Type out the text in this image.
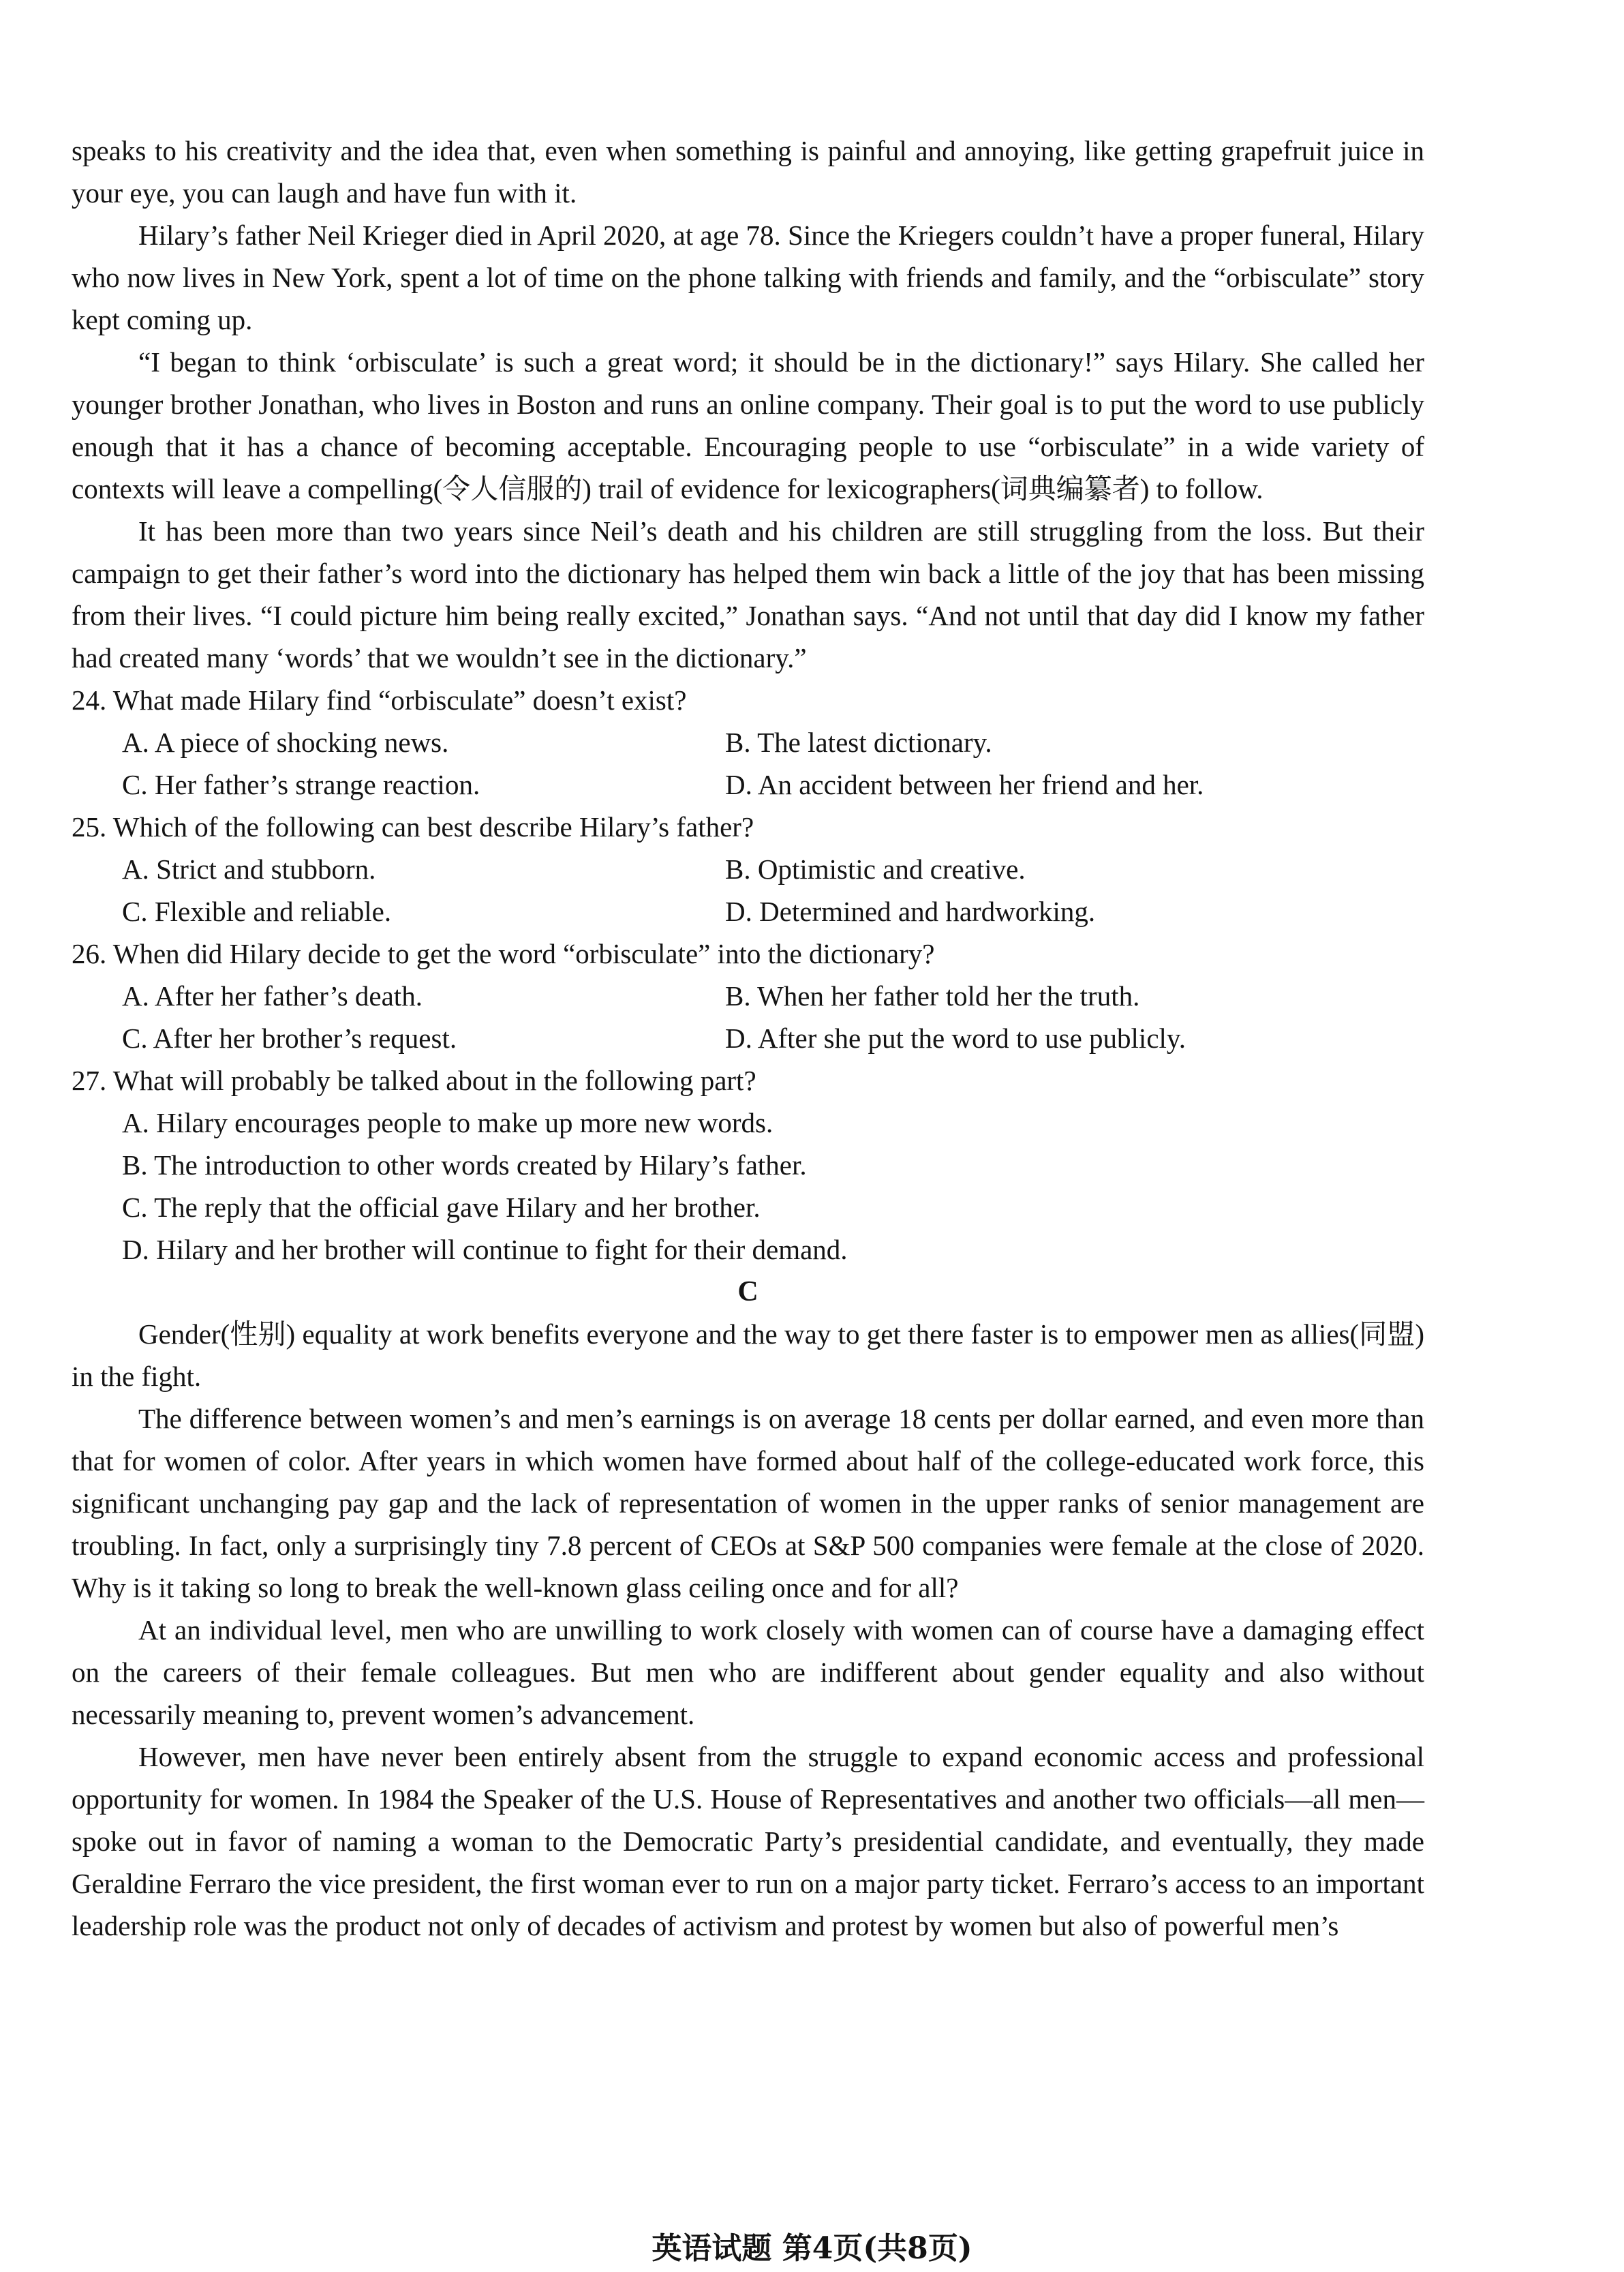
speaks to his creativity and the idea that, even when something is painful and annoying, like getting grapefruit juice in your eye, you can laugh and have fun with it.

Hilary’s father Neil Krieger died in April 2020, at age 78. Since the Kriegers couldn’t have a proper funeral, Hilary who now lives in New York, spent a lot of time on the phone talking with friends and family, and the “orbisculate” story kept coming up.

“I began to think ‘orbisculate’ is such a great word; it should be in the dictionary!” says Hilary. She called her younger brother Jonathan, who lives in Boston and runs an online company. Their goal is to put the word to use publicly enough that it has a chance of becoming acceptable. Encouraging people to use “orbisculate” in a wide variety of contexts will leave a compelling(令人信服的) trail of evidence for lexicographers(词典编纂者) to follow.

It has been more than two years since Neil’s death and his children are still struggling from the loss. But their campaign to get their father’s word into the dictionary has helped them win back a little of the joy that has been missing from their lives. “I could picture him being really excited,” Jonathan says. “And not until that day did I know my father had created many ‘words’ that we wouldn’t see in the dictionary.”

24. What made Hilary find “orbisculate” doesn’t exist?

A. A piece of shocking news.	B. The latest dictionary.
C. Her father’s strange reaction.	D. An accident between her friend and her.

25. Which of the following can best describe Hilary’s father?

A. Strict and stubborn.	B. Optimistic and creative.
C. Flexible and reliable.	D. Determined and hardworking.

26. When did Hilary decide to get the word “orbisculate” into the dictionary?

A. After her father’s death.	B. When her father told her the truth.
C. After her brother’s request.	D. After she put the word to use publicly.

27. What will probably be talked about in the following part?

A. Hilary encourages people to make up more new words.
B. The introduction to other words created by Hilary’s father.
C. The reply that the official gave Hilary and her brother.
D. Hilary and her brother will continue to fight for their demand.

C

Gender(性别) equality at work benefits everyone and the way to get there faster is to empower men as allies(同盟) in the fight.

The difference between women’s and men’s earnings is on average 18 cents per dollar earned, and even more than that for women of color. After years in which women have formed about half of the college-educated work force, this significant unchanging pay gap and the lack of representation of women in the upper ranks of senior management are troubling. In fact, only a surprisingly tiny 7.8 percent of CEOs at S&P 500 companies were female at the close of 2020. Why is it taking so long to break the well-known glass ceiling once and for all?

At an individual level, men who are unwilling to work closely with women can of course have a damaging effect on the careers of their female colleagues. But men who are indifferent about gender equality and also without necessarily meaning to, prevent women’s advancement.

However, men have never been entirely absent from the struggle to expand economic access and professional opportunity for women. In 1984 the Speaker of the U.S. House of Representatives and another two officials—all men—spoke out in favor of naming a woman to the Democratic Party’s presidential candidate, and eventually, they made Geraldine Ferraro the vice president, the first woman ever to run on a major party ticket. Ferraro’s access to an important leadership role was the product not only of decades of activism and protest by women but also of powerful men’s

英语试题 第4页(共8页)
